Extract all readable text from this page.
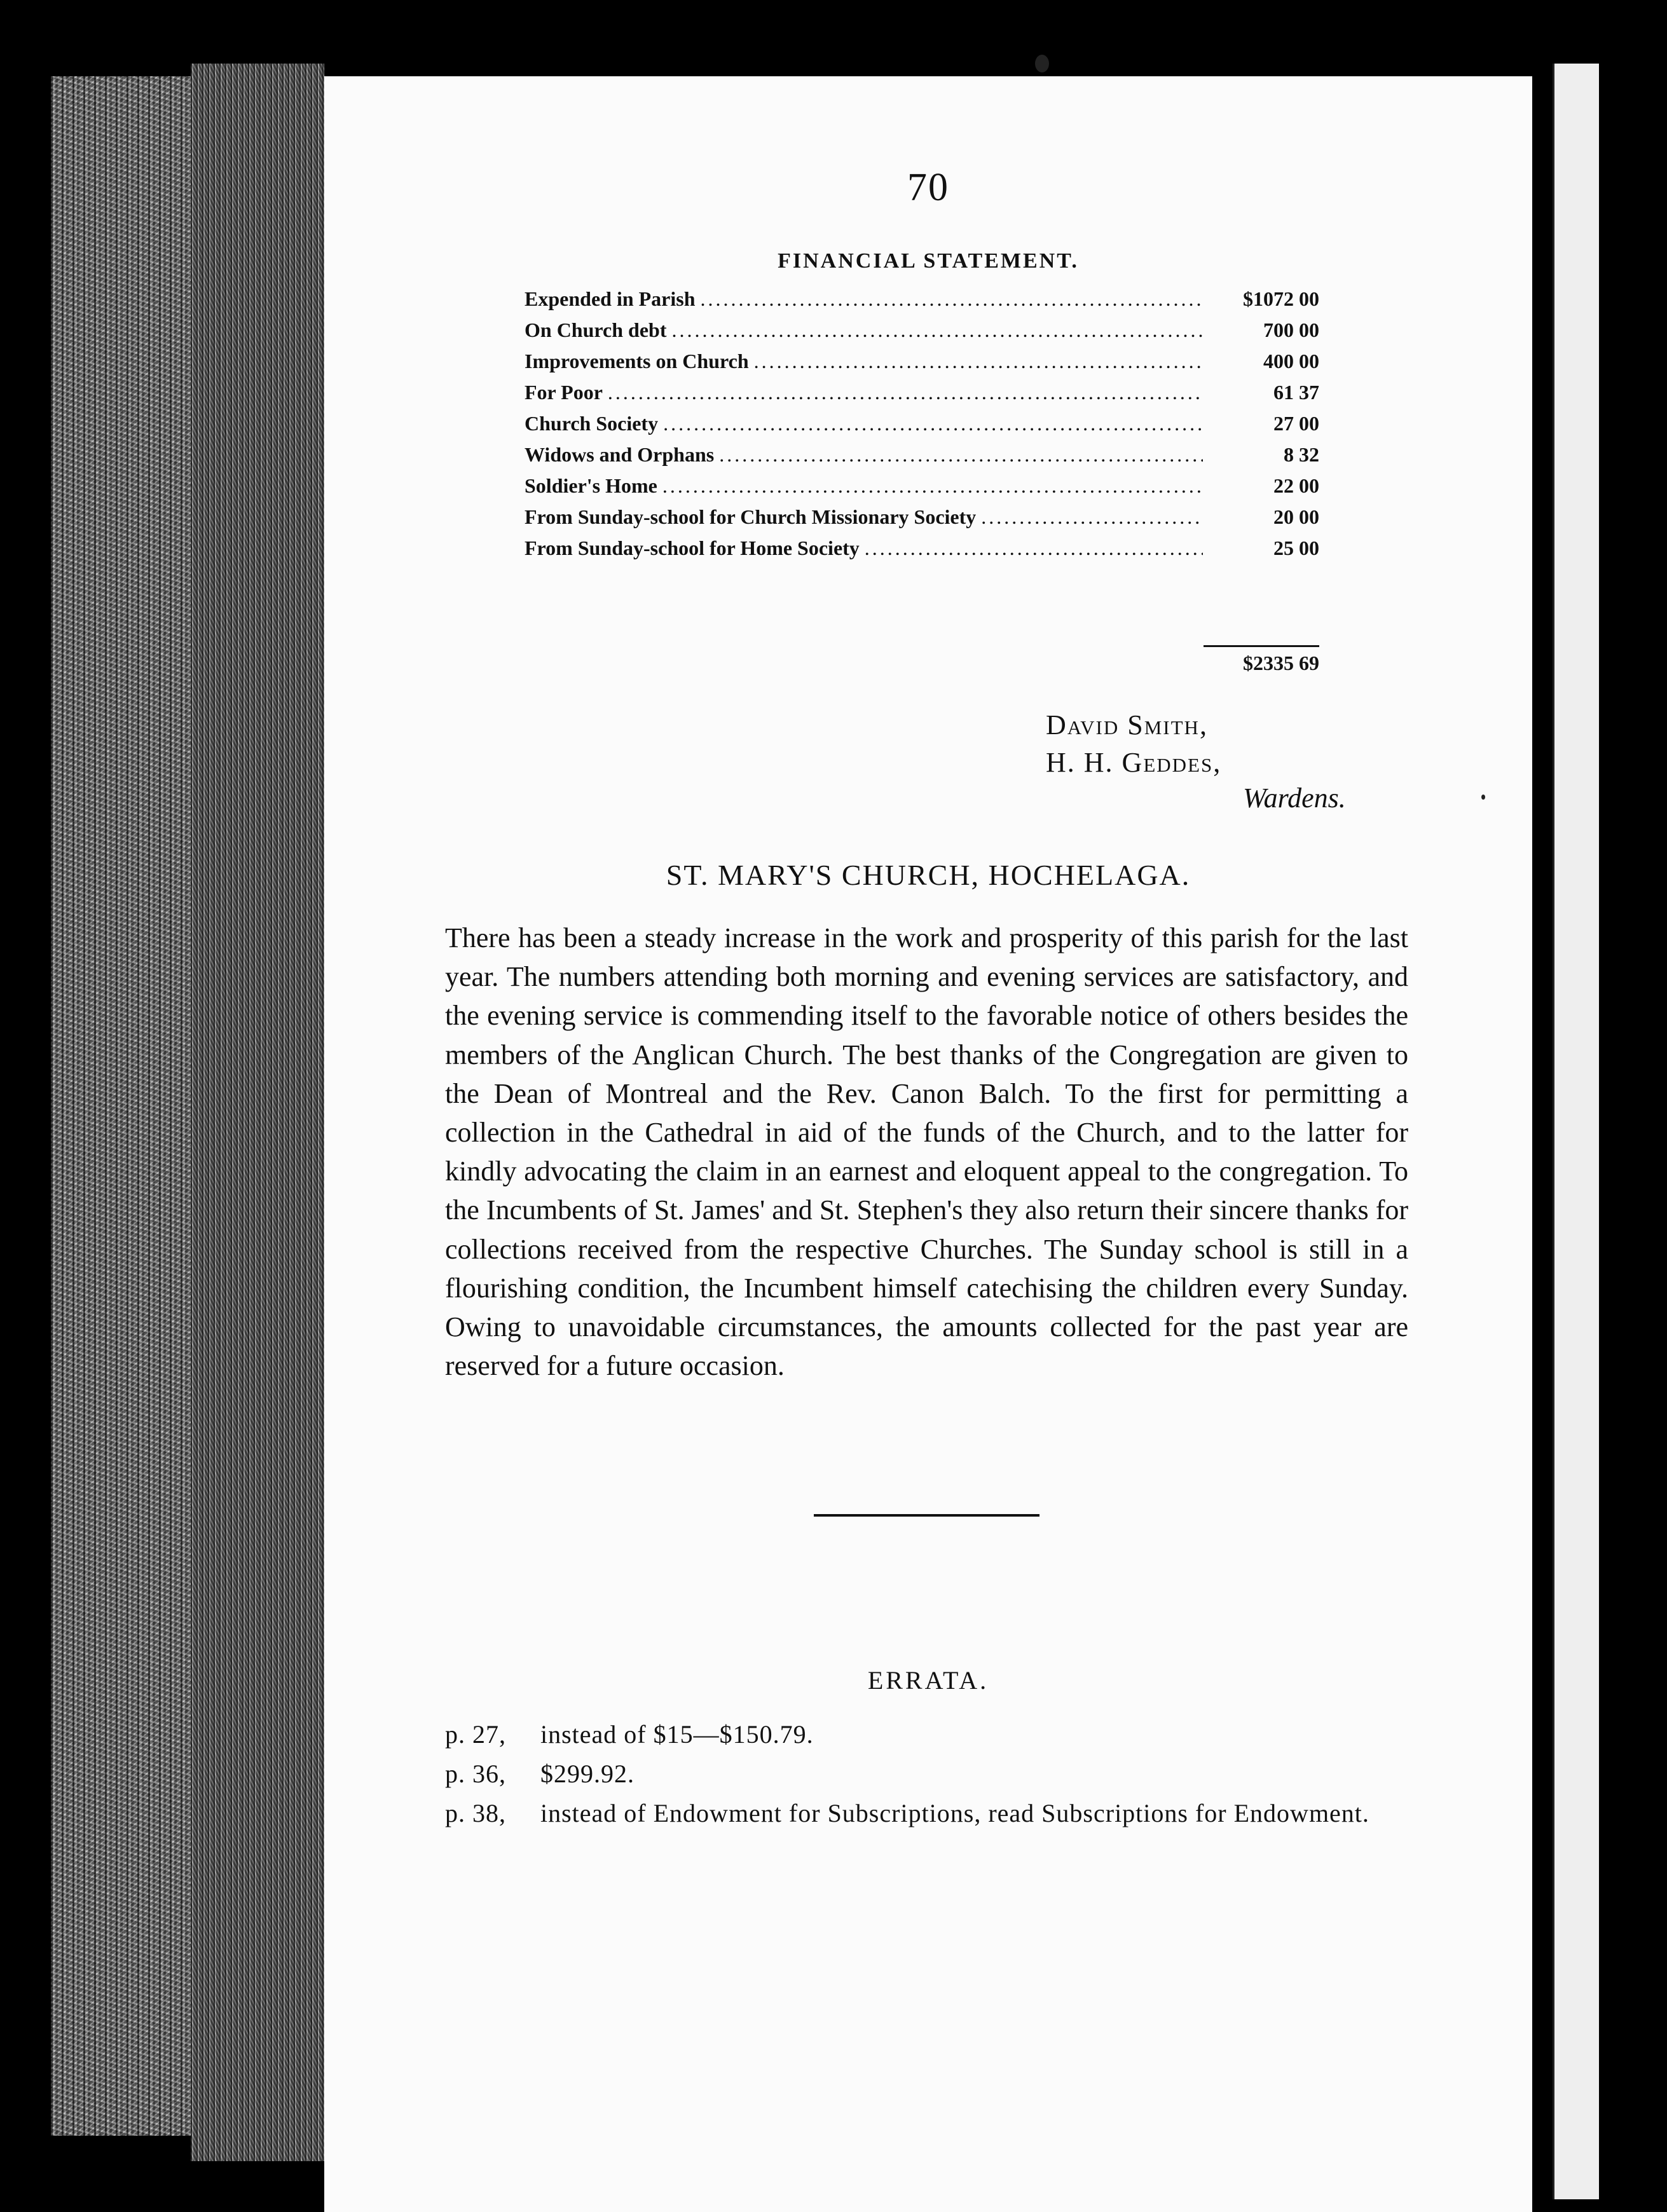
70
FINANCIAL STATEMENT.
Expended in Parish .....	$1072 00
On Church debt .....	700 00
Improvements on Church .....	400 00
For Poor .....	61 37
Church Society .....	27 00
Widows and Orphans .....	8 32
Soldier's Home .....	22 00
From Sunday-school for Church Missionary Society .....	20 00
From Sunday-school for Home Society .....	25 00
$2335 69
David Smith,
H. H. Geddes,
Wardens.
ST. MARY'S CHURCH, HOCHELAGA.
There has been a steady increase in the work and prosperity of this parish for the last year. The numbers attending both morning and evening services are satisfactory, and the evening service is commending itself to the favorable notice of others besides the members of the Anglican Church. The best thanks of the Congregation are given to the Dean of Montreal and the Rev. Canon Balch. To the first for permitting a collection in the Cathedral in aid of the funds of the Church, and to the latter for kindly advocating the claim in an earnest and eloquent appeal to the congregation. To the Incumbents of St. James' and St. Stephen's they also return their sincere thanks for collections received from the respective Churches. The Sunday school is still in a flourishing condition, the Incumbent himself catechising the children every Sunday. Owing to unavoidable circumstances, the amounts collected for the past year are reserved for a future occasion.
ERRATA.
p. 27, instead of $15—$150.79.
p. 36, $299.92.
p. 38, instead of Endowment for Subscriptions, read Subscriptions for Endowment.
